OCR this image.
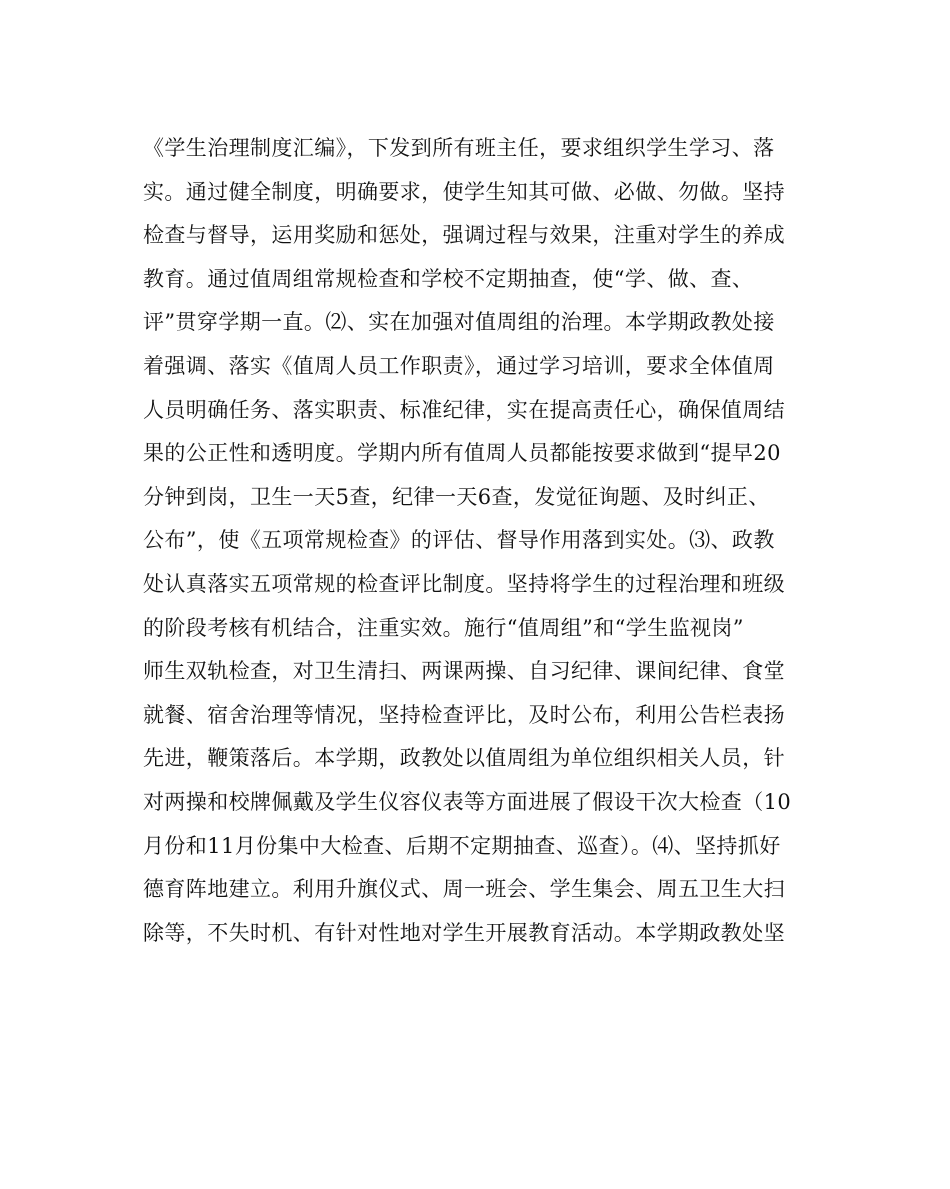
《学生治理制度汇编》，下发到所有班主任，要求组织学生学习、落
实。通过健全制度，明确要求，使学生知其可做、必做、勿做。坚持
检查与督导，运用奖励和惩处，强调过程与效果，注重对学生的养成
教育。通过值周组常规检查和学校不定期抽查，使“学、做、查、
评”贯穿学期一直。⑵、实在加强对值周组的治理。本学期政教处接
着强调、落实《值周人员工作职责》，通过学习培训，要求全体值周
人员明确任务、落实职责、标准纪律，实在提高责任心，确保值周结
果的公正性和透明度。学期内所有值周人员都能按要求做到“提早20
分钟到岗，卫生一天5查，纪律一天6查，发觉征询题、及时纠正、
公布”，使《五项常规检查》的评估、督导作用落到实处。⑶、政教
处认真落实五项常规的检查评比制度。坚持将学生的过程治理和班级
的阶段考核有机结合，注重实效。施行“值周组”和“学生监视岗”
师生双轨检查，对卫生清扫、两课两操、自习纪律、课间纪律、食堂
就餐、宿舍治理等情况，坚持检查评比，及时公布，利用公告栏表扬
先进，鞭策落后。本学期，政教处以值周组为单位组织相关人员，针
对两操和校牌佩戴及学生仪容仪表等方面进展了假设干次大检查（10
月份和11月份集中大检查、后期不定期抽查、巡查）。⑷、坚持抓好
德育阵地建立。利用升旗仪式、周一班会、学生集会、周五卫生大扫
除等，不失时机、有针对性地对学生开展教育活动。本学期政教处坚
